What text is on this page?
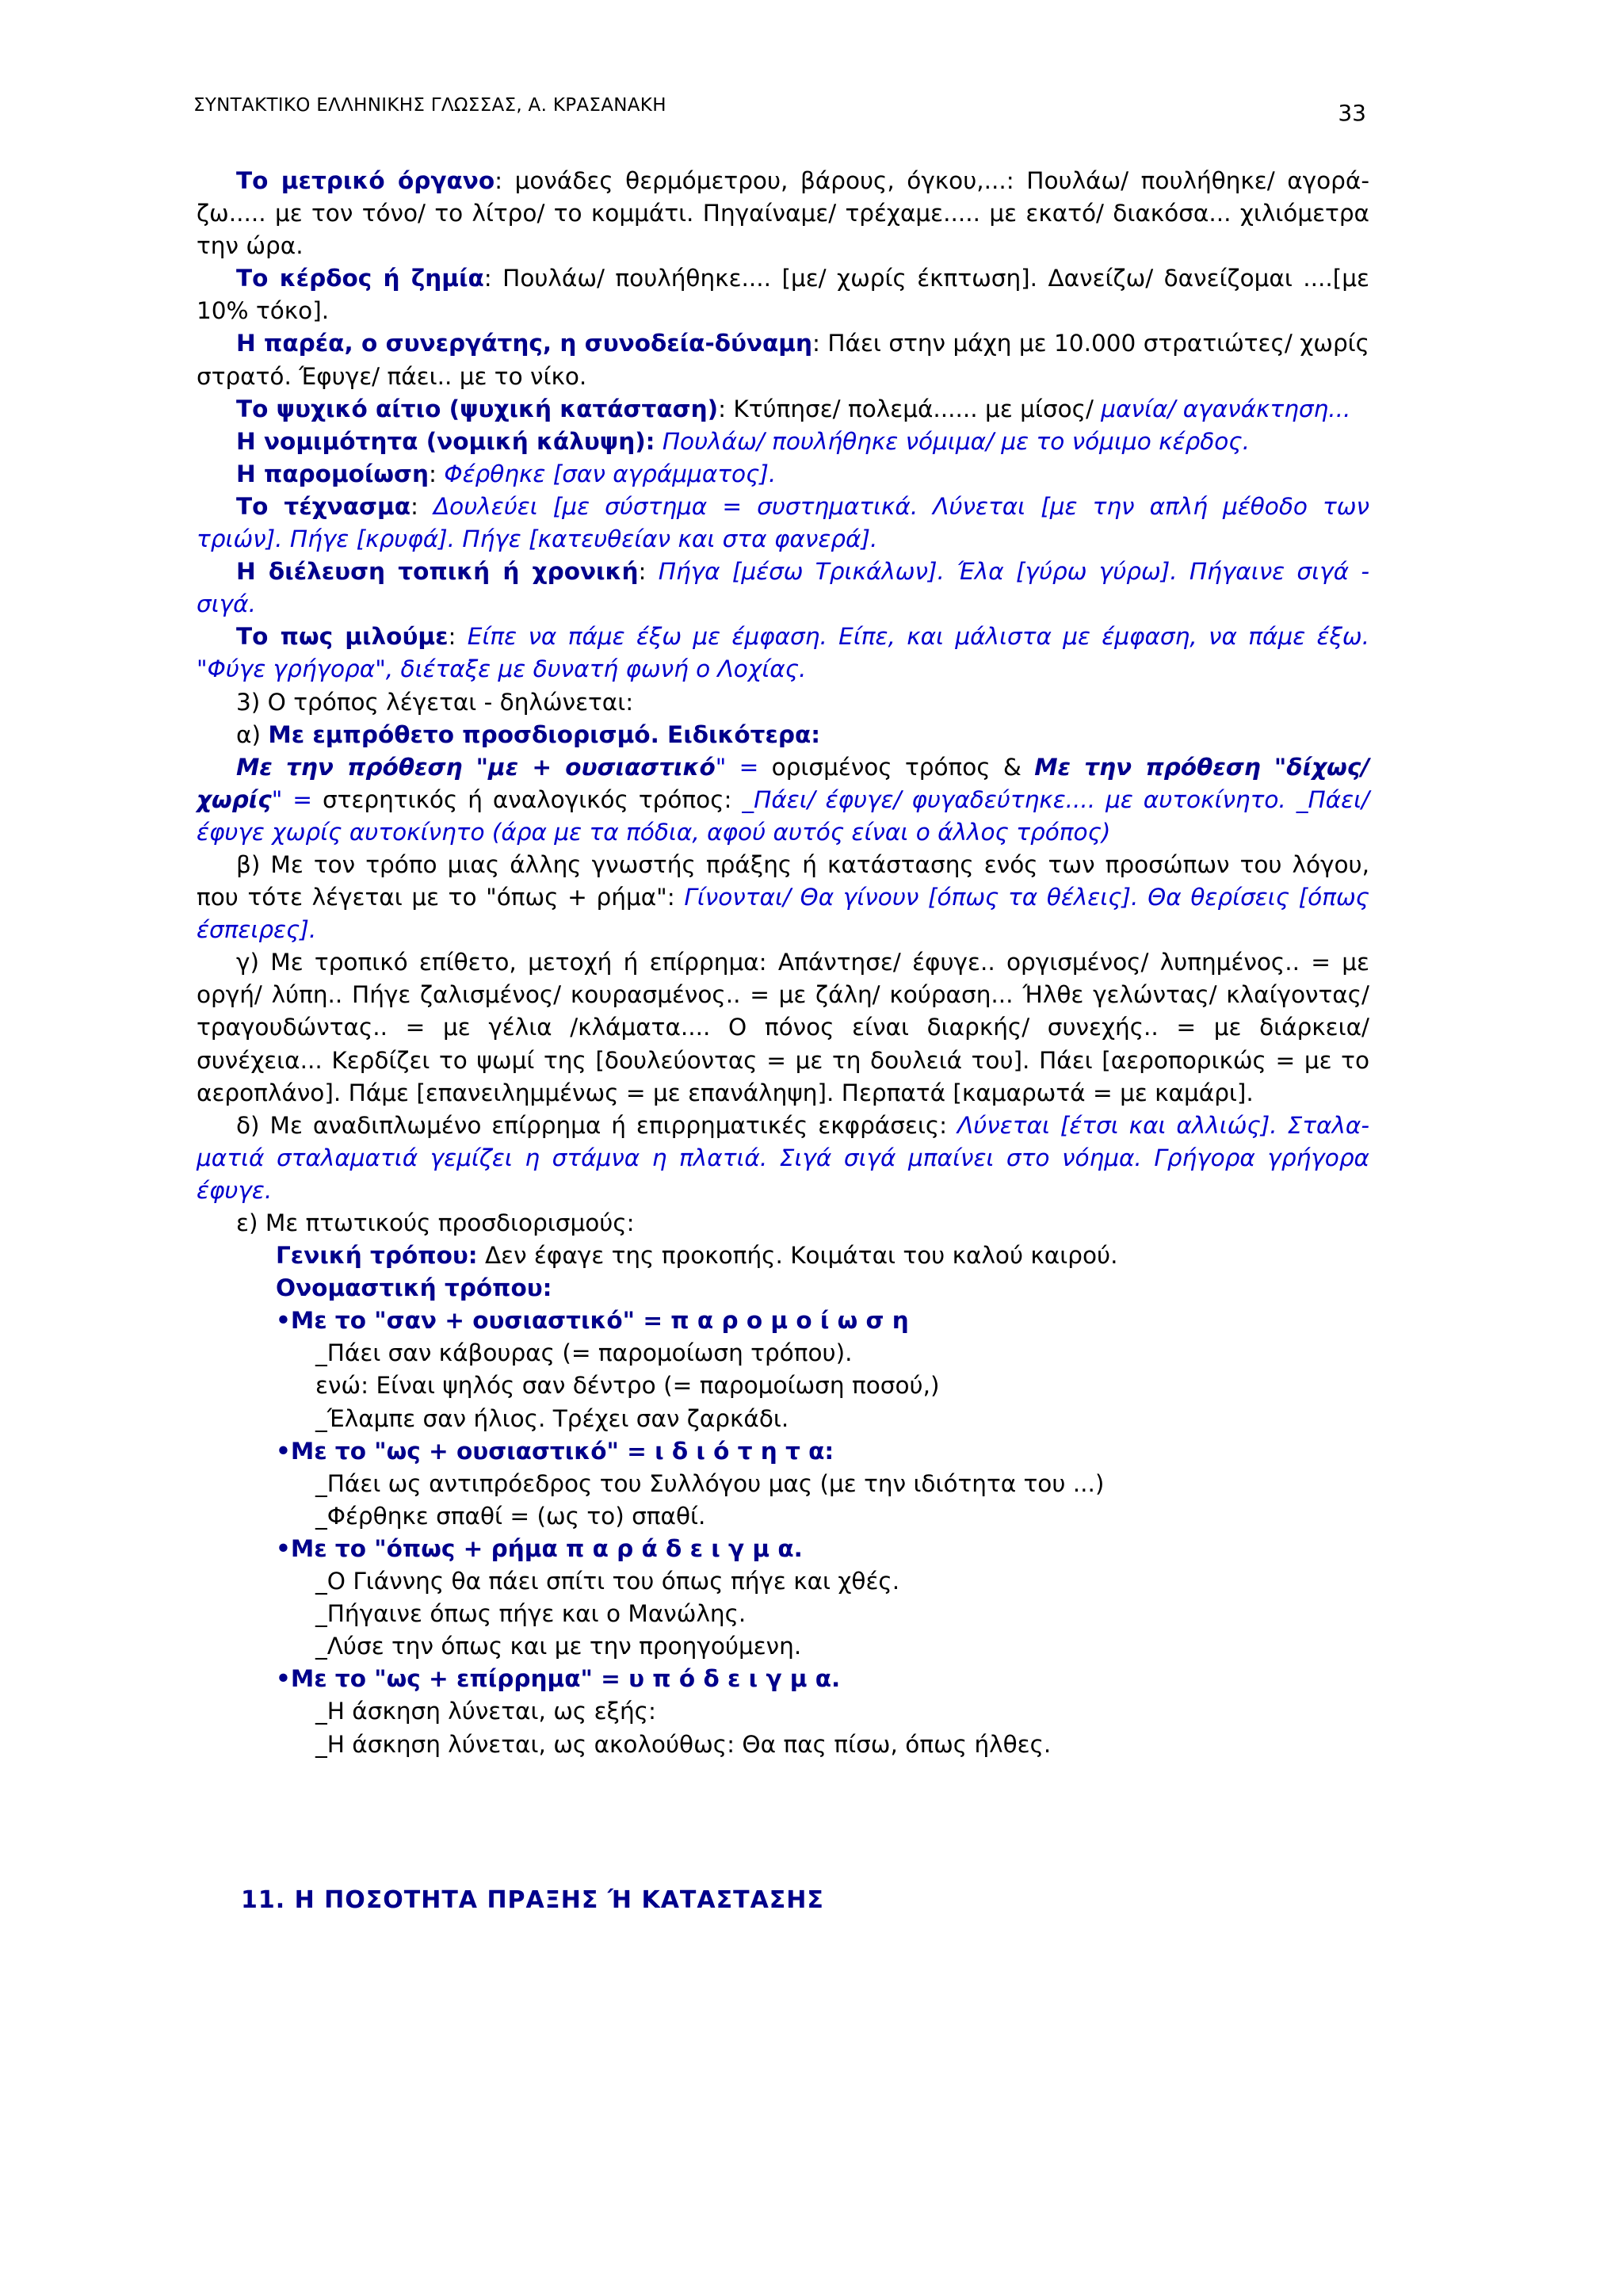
ΣΥΝΤΑΚΤΙΚΟ ΕΛΛΗΝΙΚΗΣ ΓΛΩΣΣΑΣ, Α. ΚΡΑΣΑΝΑΚΗ	33

Το μετρικό όργανο: μονάδες θερμόμετρου, βάρους, όγκου,...: Πουλάω/ πουλήθηκε/ αγοράζω..... με τον τόνο/ το λίτρο/ το κομμάτι. Πηγαίναμε/ τρέχαμε..... με εκατό/ διακόσα... χιλιόμετρα την ώρα.

Το κέρδος ή ζημία: Πουλάω/ πουλήθηκε.... [με/ χωρίς έκπτωση]. Δανείζω/ δανείζομαι ....[με 10% τόκο].

Η παρέα, ο συνεργάτης, η συνοδεία-δύναμη: Πάει στην μάχη με 10.000 στρατιώτες/ χωρίς στρατό. Έφυγε/ πάει.. με το νίκο.

Το ψυχικό αίτιο (ψυχική κατάσταση): Κτύπησε/ πολεμά...... με μίσος/ μανία/ αγανάκτηση...

Η νομιμότητα (νομική κάλυψη): Πουλάω/ πουλήθηκε νόμιμα/ με το νόμιμο κέρδος.

Η παρομοίωση: Φέρθηκε [σαν αγράμματος].

Το τέχνασμα: Δουλεύει [με σύστημα = συστηματικά. Λύνεται [με την απλή μέθοδο των τριών]. Πήγε [κρυφά]. Πήγε [κατευθείαν και στα φανερά].

Η διέλευση τοπική ή χρονική: Πήγα [μέσω Τρικάλων]. Έλα [γύρω γύρω]. Πήγαινε σιγά - σιγά.

Το πως μιλούμε: Είπε να πάμε έξω με έμφαση. Είπε, και μάλιστα με έμφαση, να πάμε έξω. "Φύγε γρήγορα", διέταξε με δυνατή φωνή ο Λοχίας.

3) Ο τρόπος λέγεται - δηλώνεται:

α) Με εμπρόθετο προσδιορισμό. Ειδικότερα:

Με την πρόθεση "με + ουσιαστικό" = ορισμένος τρόπος & Με την πρόθεση "δίχως/ χωρίς" = στερητικός ή αναλογικός τρόπος: _Πάει/ έφυγε/ φυγαδεύτηκε.... με αυτοκίνητο. _Πάει/ έφυγε χωρίς αυτοκίνητο (άρα με τα πόδια, αφού αυτός είναι ο άλλος τρόπος)

β) Με τον τρόπο μιας άλλης γνωστής πράξης ή κατάστασης ενός των προσώπων του λόγου, που τότε λέγεται με το "όπως + ρήμα": Γίνονται/ Θα γίνουν [όπως τα θέλεις]. Θα θερίσεις [όπως έσπειρες].

γ) Με τροπικό επίθετο, μετοχή ή επίρρημα: Απάντησε/ έφυγε.. οργισμένος/ λυπημένος.. = με οργή/ λύπη.. Πήγε ζαλισμένος/ κουρασμένος.. = με ζάλη/ κούραση... Ήλθε γελώντας/ κλαίγοντας/ τραγουδώντας.. = με γέλια /κλάματα.... Ο πόνος είναι διαρκής/ συνεχής.. = με διάρκεια/ συνέχεια... Κερδίζει το ψωμί της [δουλεύοντας = με τη δουλειά του]. Πάει [αεροπορικώς = με το αεροπλάνο]. Πάμε [επανειλημμένως = με επανάληψη]. Περπατά [καμαρωτά = με καμάρι].

δ) Με αναδιπλωμένο επίρρημα ή επιρρηματικές εκφράσεις: Λύνεται [έτσι και αλλιώς]. Σταλαματιά σταλαματιά γεμίζει η στάμνα η πλατιά. Σιγά σιγά μπαίνει στο νόημα. Γρήγορα γρήγορα έφυγε.

ε) Με πτωτικούς προσδιορισμούς:

Γενική τρόπου: Δεν έφαγε της προκοπής. Κοιμάται του καλού καιρού.

Ονομαστική τρόπου:

•Με το "σαν + ουσιαστικό" = π α ρ ο μ ο ί ω σ η

_Πάει σαν κάβουρας (= παρομοίωση τρόπου).

ενώ: Είναι ψηλός σαν δέντρο (= παρομοίωση ποσού,)

_Έλαμπε σαν ήλιος. Τρέχει σαν ζαρκάδι.

•Με το "ως + ουσιαστικό" = ι δ ι ό τ η τ α:

_Πάει ως αντιπρόεδρος του Συλλόγου μας (με την ιδιότητα του ...)

_Φέρθηκε σπαθί = (ως το) σπαθί.

•Με το "όπως + ρήμα π α ρ ά δ ε ι γ μ α.

_Ο Γιάννης θα πάει σπίτι του όπως πήγε και χθές.

_Πήγαινε όπως πήγε και ο Μανώλης.

_Λύσε την όπως και με την προηγούμενη.

•Με το "ως + επίρρημα" = υ π ό δ ε ι γ μ α.

_Η άσκηση λύνεται, ως εξής:

_Η άσκηση λύνεται, ως ακολούθως: Θα πας πίσω, όπως ήλθες.

11. Η ΠΟΣΟΤΗΤΑ ΠΡΑΞΗΣ Ή ΚΑΤΑΣΤΑΣΗΣ
